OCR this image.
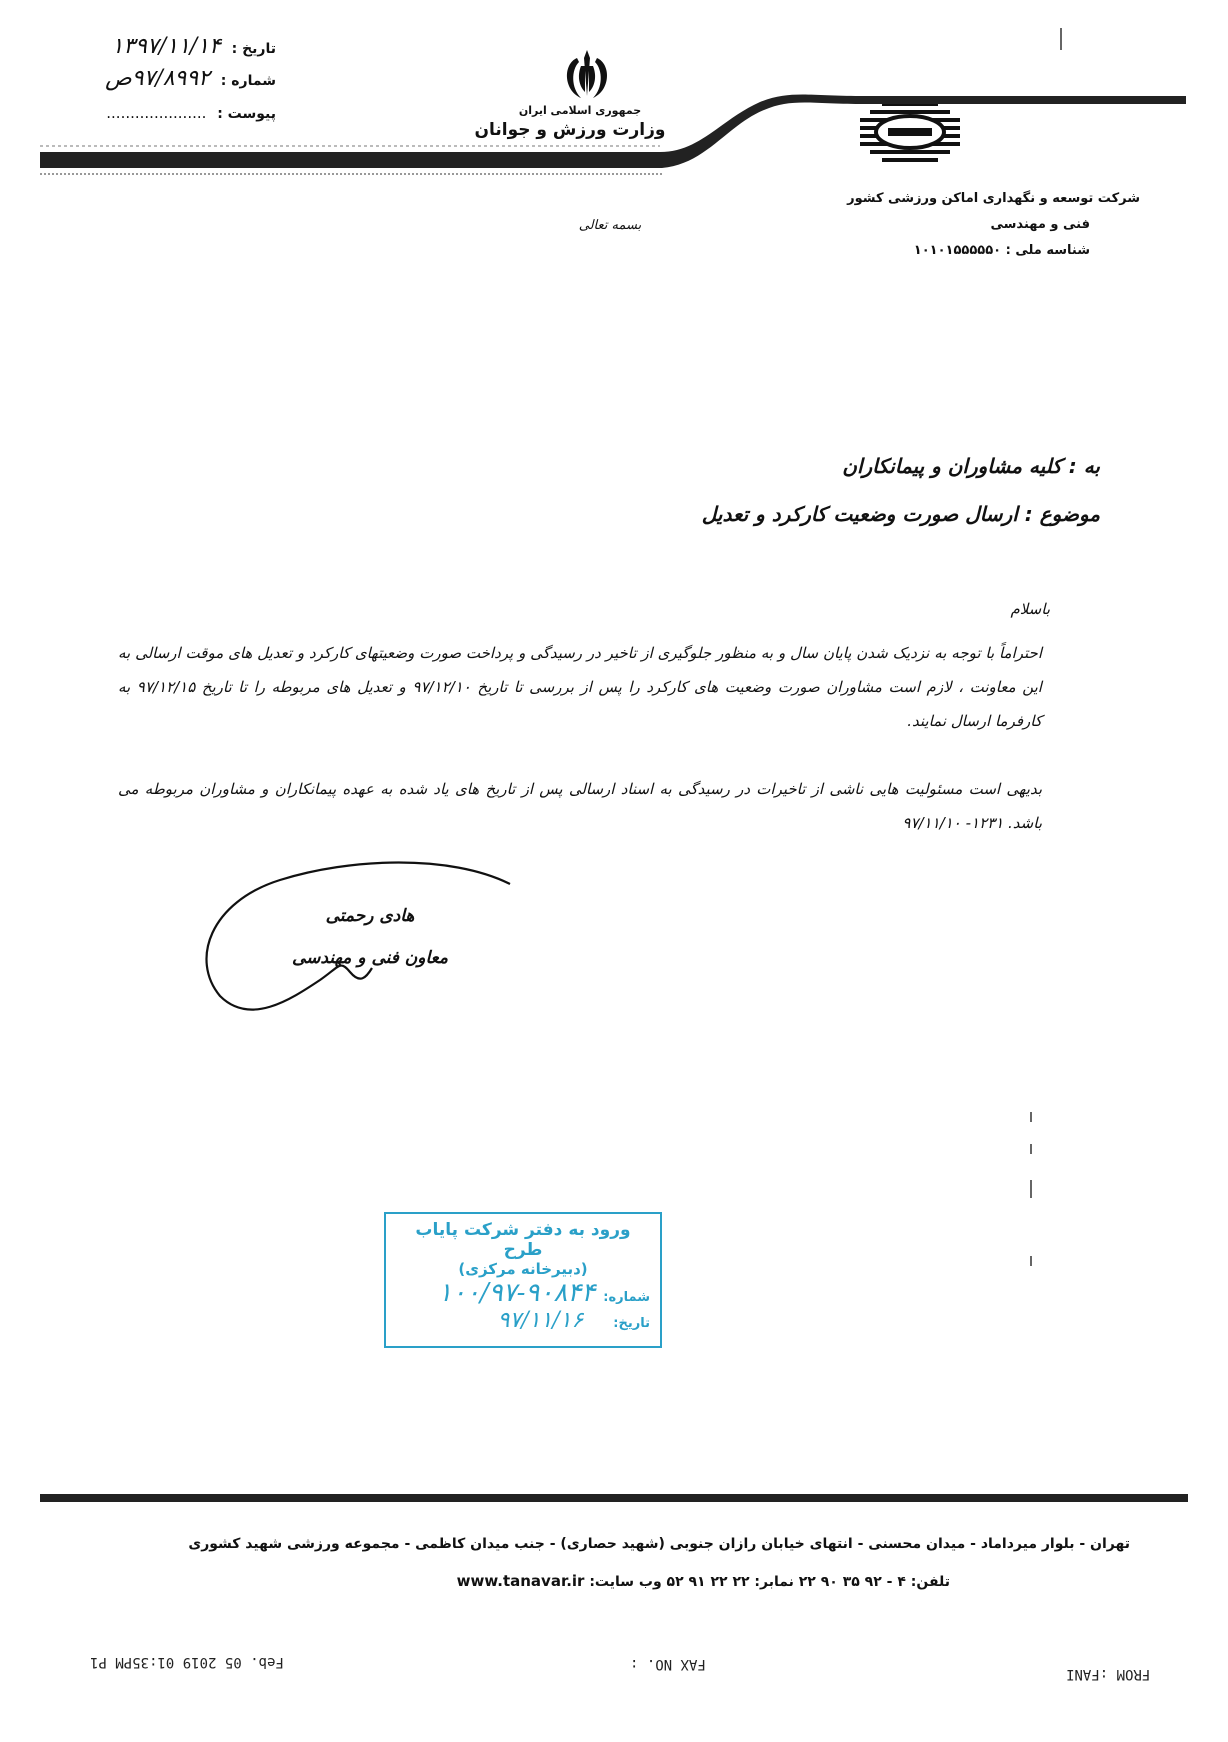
تاریخ : ۱۳۹۷/۱۱/۱۴
شماره : ۹۷/۸۹۹۲ص
پیوست : .....................	جمهوری اسلامی ایران
وزارت ورزش و جوانان
بسمه تعالی
شرکت توسعه و نگهداری اماکن ورزشی کشور
فنی و مهندسی
شناسه ملی : ۱۰۱۰۱۵۵۵۵۵۰
به : کلیه مشاوران و پیمانکاران
موضوع : ارسال صورت وضعیت کارکرد و تعدیل
باسلام
احتراماً با توجه به نزدیک شدن پایان سال و به منظور جلوگیری از تاخیر در رسیدگی و پرداخت صورت وضعیتهای کارکرد و تعدیل های موقت ارسالی به این معاونت ، لازم است مشاوران صورت وضعیت های کارکرد را پس از بررسی تا تاریخ ۹۷/۱۲/۱۰ و تعدیل های مربوطه را تا تاریخ ۹۷/۱۲/۱۵ به کارفرما ارسال نمایند.
بدیهی است مسئولیت هایی ناشی از تاخیرات در رسیدگی به اسناد ارسالی پس از تاریخ های یاد شده به عهده پیمانکاران و مشاوران مربوطه می باشد. ۱۲۳۱- ۹۷/۱۱/۱۰
هادی رحمتی
معاون فنی و مهندسی
ورود به دفتر شرکت پایاب طرح
(دبیرخانه مرکزی)
شماره:
۱۰۰/۹۷-۹۰۸۴۴
تاریخ:
۹۷/۱۱/۱۶
تهران - بلوار میرداماد - میدان محسنی - انتهای خیابان رازان جنوبی (شهید حصاری) - جنب میدان کاظمی - مجموعه ورزشی شهید کشوری
تلفن: ۴ - ۹۲ ۳۵ ۹۰ ۲۲ نمابر: ۲۲ ۲۲ ۹۱ ۵۲ وب سایت: www.tanavar.ir
Feb. 05 2019 01:35PM P1	FAX NO. :
FROM :FANI
